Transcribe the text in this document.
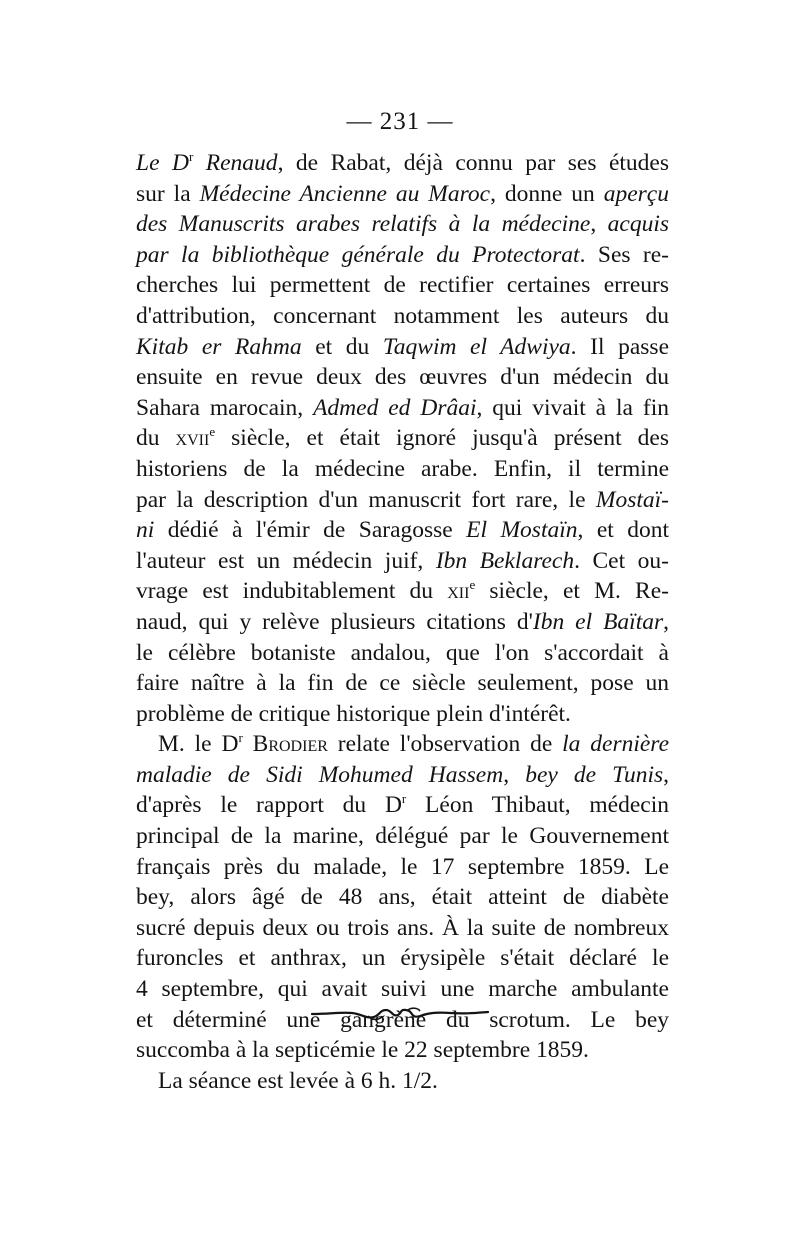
— 231 —
Le $D^r$ Renaud, de Rabat, déjà connu par ses études
sur la Médecine Ancienne au Maroc, donne un aperçu
des Manuscrits arabes relatifs à la médecine, acquis
par la bibliothèque générale du Protectorat. Ses re-
cherches lui permettent de rectifier certaines erreurs
d'attribution, concernant notamment les auteurs du
Kitab er Rahma et du Taqwim el Adwiya. Il passe
ensuite en revue deux des œuvres d'un médecin du
Sahara marocain, Admed ed Drâai, qui vivait à la fin
du xvii$^e$ siècle, et était ignoré jusqu'à présent des
historiens de la médecine arabe. Enfin, il termine
par la description d'un manuscrit fort rare, le Mostaï-
ni dédié à l'émir de Saragosse El Mostaïn, et dont
l'auteur est un médecin juif, Ibn Beklarech. Cet ou-
vrage est indubitablement du xii$^e$ siècle, et M. Re-
naud, qui y relève plusieurs citations d'Ibn el Baïtar,
le célèbre botaniste andalou, que l'on s'accordait à
faire naître à la fin de ce siècle seulement, pose un
problème de critique historique plein d'intérêt.
M. le $D^r$ Brodier relate l'observation de la dernière
maladie de Sidi Mohumed Hassem, bey de Tunis,
d'après le rapport du $D^r$ Léon Thibaut, médecin
principal de la marine, délégué par le Gouvernement
français près du malade, le 17 septembre 1859. Le
bey, alors âgé de 48 ans, était atteint de diabète
sucré depuis deux ou trois ans. À la suite de nombreux
furoncles et anthrax, un érysipèle s'était déclaré le
4 septembre, qui avait suivi une marche ambulante
et déterminé une gangrène du scrotum. Le bey
succomba à la septicémie le 22 septembre 1859.
La séance est levée à 6 h. 1/2.
